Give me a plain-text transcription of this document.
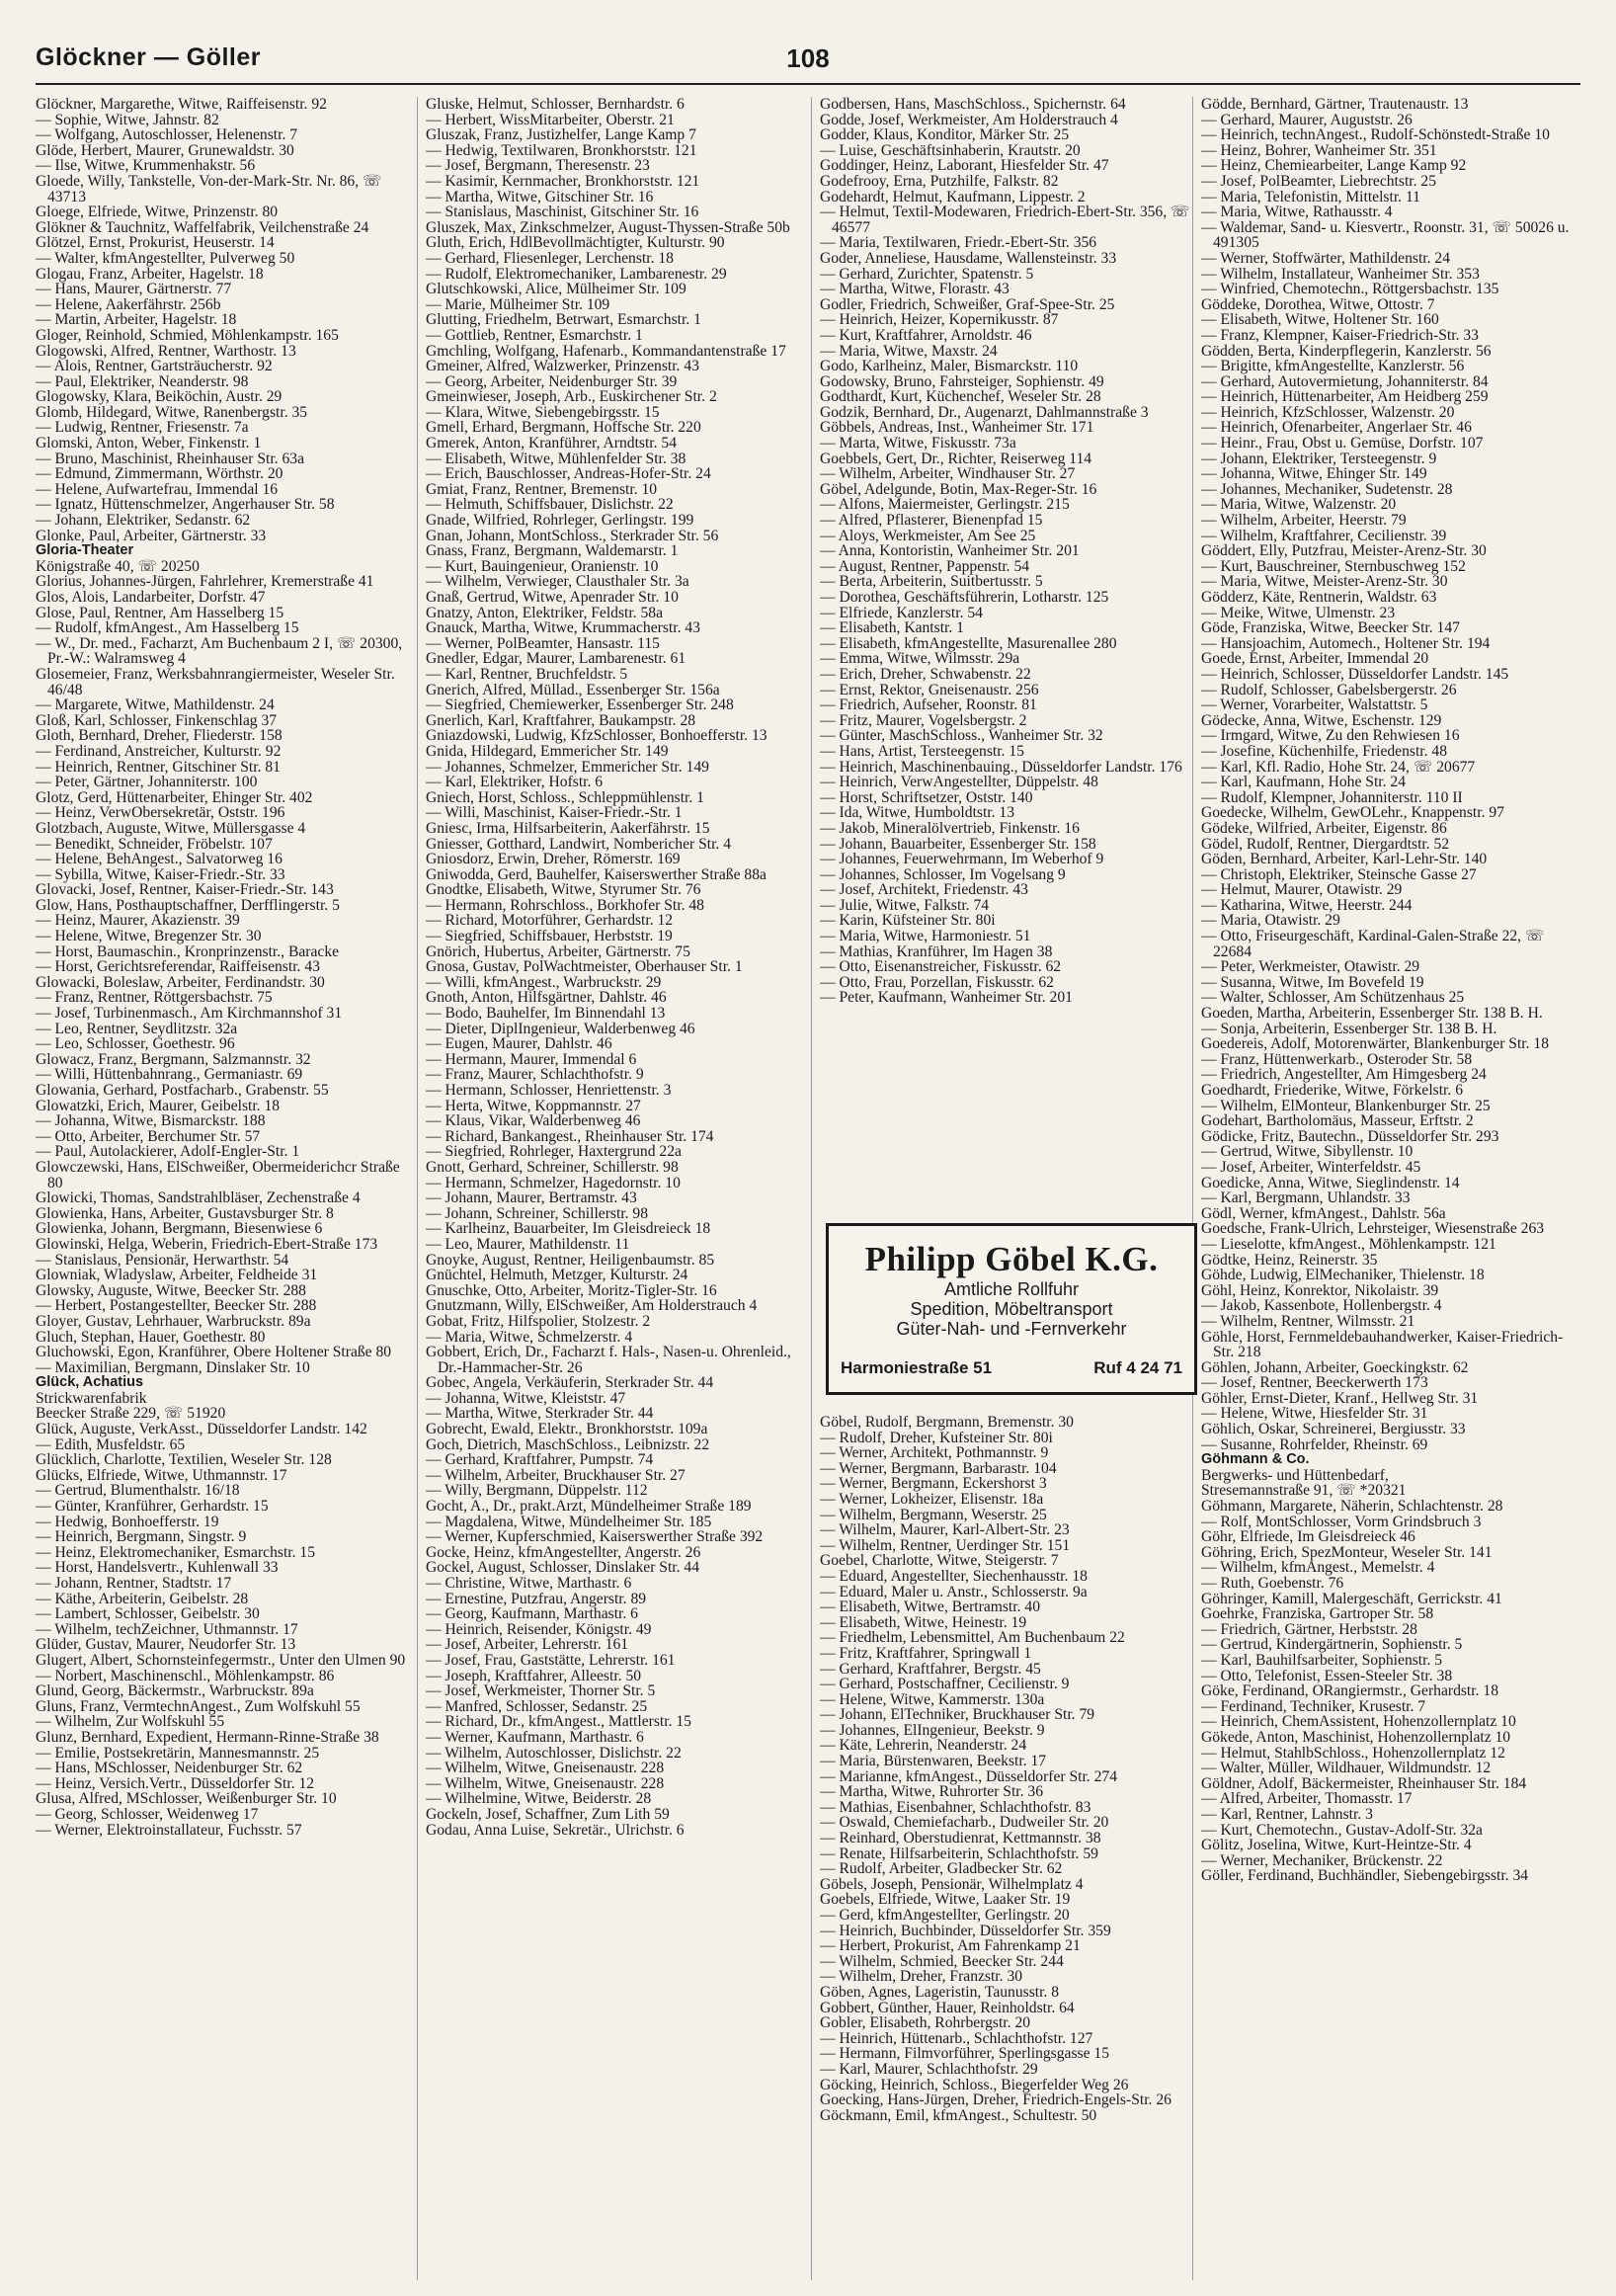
Glöckner — Göller	108
Glöckner, Margarethe, Witwe, Raiffeisenstr. 92
— Sophie, Witwe, Jahnstr. 82
— Wolfgang, Autoschlosser, Helenenstr. 7
Glöde, Herbert, Maurer, Grunewaldstr. 30
— Ilse, Witwe, Krummenhakstr. 56
Gloede, Willy, Tankstelle, Von-der-Mark-Str. Nr. 86, ☏ 43713
Gloege, Elfriede, Witwe, Prinzenstr. 80
Glökner & Tauchnitz, Waffelfabrik, Veilchenstraße 24
Glötzel, Ernst, Prokurist, Heuserstr. 14
— Walter, kfmAngestellter, Pulverweg 50
Glogau, Franz, Arbeiter, Hagelstr. 18
— Hans, Maurer, Gärtnerstr. 77
— Helene, Aakerfährstr. 256b
— Martin, Arbeiter, Hagelstr. 18
Gloger, Reinhold, Schmied, Möhlenkampstr. 165
Glogowski, Alfred, Rentner, Warthostr. 13
— Alois, Rentner, Gartsträucherstr. 92
— Paul, Elektriker, Neanderstr. 98
Glogowsky, Klara, Beiköchin, Austr. 29
Glomb, Hildegard, Witwe, Ranenbergstr. 35
— Ludwig, Rentner, Friesenstr. 7a
Glomski, Anton, Weber, Finkenstr. 1
— Bruno, Maschinist, Rheinhauser Str. 63a
— Edmund, Zimmermann, Wörthstr. 20
— Helene, Aufwartefrau, Immendal 16
— Ignatz, Hüttenschmelzer, Angerhauser Str. 58
— Johann, Elektriker, Sedanstr. 62
Glonke, Paul, Arbeiter, Gärtnerstr. 33
Gloria-Theater
Königstraße 40, ☏ 20250
Glorius, Johannes-Jürgen, Fahrlehrer, Kremerstraße 41
Glos, Alois, Landarbeiter, Dorfstr. 47
Glose, Paul, Rentner, Am Hasselberg 15
— Rudolf, kfmAngest., Am Hasselberg 15
— W., Dr. med., Facharzt, Am Buchenbaum 2 I, ☏ 20300, Pr.-W.: Walramsweg 4
Glosemeier, Franz, Werksbahnrangiermeister, Weseler Str. 46/48
— Margarete, Witwe, Mathildenstr. 24
Gloß, Karl, Schlosser, Finkenschlag 37
Gloth, Bernhard, Dreher, Fliederstr. 158
— Ferdinand, Anstreicher, Kulturstr. 92
— Heinrich, Rentner, Gitschiner Str. 81
— Peter, Gärtner, Johanniterstr. 100
Glotz, Gerd, Hüttenarbeiter, Ehinger Str. 402
— Heinz, VerwObersekretär, Oststr. 196
Glotzbach, Auguste, Witwe, Müllersgasse 4
— Benedikt, Schneider, Fröbelstr. 107
— Helene, BehAngest., Salvatorweg 16
— Sybilla, Witwe, Kaiser-Friedr.-Str. 33
Glovacki, Josef, Rentner, Kaiser-Friedr.-Str. 143
Glow, Hans, Posthauptschaffner, Derfflingerstr. 5
— Heinz, Maurer, Akazienstr. 39
— Helene, Witwe, Bregenzer Str. 30
— Horst, Baumaschin., Kronprinzenstr., Baracke
— Horst, Gerichtsreferendar, Raiffeisenstr. 43
Glowacki, Boleslaw, Arbeiter, Ferdinandstr. 30
— Franz, Rentner, Röttgersbachstr. 75
— Josef, Turbinenmasch., Am Kirchmannshof 31
— Leo, Rentner, Seydlitzstr. 32a
— Leo, Schlosser, Goethestr. 96
Glowacz, Franz, Bergmann, Salzmannstr. 32
— Willi, Hüttenbahnrang., Germaniastr. 69
Glowania, Gerhard, Postfacharb., Grabenstr. 55
Glowatzki, Erich, Maurer, Geibelstr. 18
— Johanna, Witwe, Bismarckstr. 188
— Otto, Arbeiter, Berchumer Str. 57
— Paul, Autolackierer, Adolf-Engler-Str. 1
Glowczewski, Hans, ElSchweißer, Obermeiderichcr Straße 80
Glowicki, Thomas, Sandstrahlbläser, Zechenstraße 4
Glowienka, Hans, Arbeiter, Gustavsburger Str. 8
Glowienka, Johann, Bergmann, Biesenwiese 6
Glowinski, Helga, Weberin, Friedrich-Ebert-Straße 173
— Stanislaus, Pensionär, Herwarthstr. 54
Glowniak, Wladyslaw, Arbeiter, Feldheide 31
Glowsky, Auguste, Witwe, Beecker Str. 288
— Herbert, Postangestellter, Beecker Str. 288
Gloyer, Gustav, Lehrhauer, Warbruckstr. 89a
Gluch, Stephan, Hauer, Goethestr. 80
Gluchowski, Egon, Kranführer, Obere Holtener Straße 80
— Maximilian, Bergmann, Dinslaker Str. 10
Glück, Achatius
Strickwarenfabrik
Beecker Straße 229, ☏ 51920
Glück, Auguste, VerkAsst., Düsseldorfer Landstr. 142
— Edith, Musfeldstr. 65
Glücklich, Charlotte, Textilien, Weseler Str. 128
Glücks, Elfriede, Witwe, Uthmannstr. 17
— Gertrud, Blumenthalstr. 16/18
— Günter, Kranführer, Gerhardstr. 15
— Hedwig, Bonhoefferstr. 19
— Heinrich, Bergmann, Singstr. 9
— Heinz, Elektromechaniker, Esmarchstr. 15
— Horst, Handelsvertr., Kuhlenwall 33
— Johann, Rentner, Stadtstr. 17
— Käthe, Arbeiterin, Geibelstr. 28
— Lambert, Schlosser, Geibelstr. 30
— Wilhelm, techZeichner, Uthmannstr. 17
Glüder, Gustav, Maurer, Neudorfer Str. 13
Glugert, Albert, Schornsteinfegermstr., Unter den Ulmen 90
— Norbert, Maschinenschl., Möhlenkampstr. 86
Glund, Georg, Bäckermstr., Warbruckstr. 89a
Gluns, Franz, VermtechnAngest., Zum Wolfskuhl 55
— Wilhelm, Zur Wolfskuhl 55
Glunz, Bernhard, Expedient, Hermann-Rinne-Straße 38
— Emilie, Postsekretärin, Mannesmannstr. 25
— Hans, MSchlosser, Neidenburger Str. 62
— Heinz, Versich.Vertr., Düsseldorfer Str. 12
Glusa, Alfred, MSchlosser, Weißenburger Str. 10
— Georg, Schlosser, Weidenweg 17
— Werner, Elektroinstallateur, Fuchsstr. 57
Gluske, Helmut, Schlosser, Bernhardstr. 6
— Herbert, WissMitarbeiter, Oberstr. 21
Gluszak, Franz, Justizhelfer, Lange Kamp 7
— Hedwig, Textilwaren, Bronkhorststr. 121
— Josef, Bergmann, Theresenstr. 23
— Kasimir, Kernmacher, Bronkhorststr. 121
— Martha, Witwe, Gitschiner Str. 16
— Stanislaus, Maschinist, Gitschiner Str. 16
Gluszek, Max, Zinkschmelzer, August-Thyssen-Straße 50b
Gluth, Erich, HdlBevollmächtigter, Kulturstr. 90
— Gerhard, Fliesenleger, Lerchenstr. 18
— Rudolf, Elektromechaniker, Lambarenestr. 29
Glutschkowski, Alice, Mülheimer Str. 109
— Marie, Mülheimer Str. 109
Glutting, Friedhelm, Betrwart, Esmarchstr. 1
— Gottlieb, Rentner, Esmarchstr. 1
Gmchling, Wolfgang, Hafenarb., Kommandantenstraße 17
Gmeiner, Alfred, Walzwerker, Prinzenstr. 43
— Georg, Arbeiter, Neidenburger Str. 39
Gmeinwieser, Joseph, Arb., Euskirchener Str. 2
— Klara, Witwe, Siebengebirgsstr. 15
Gmell, Erhard, Bergmann, Hoffsche Str. 220
Gmerek, Anton, Kranführer, Arndtstr. 54
— Elisabeth, Witwe, Mühlenfelder Str. 38
— Erich, Bauschlosser, Andreas-Hofer-Str. 24
Gmiat, Franz, Rentner, Bremenstr. 10
— Helmuth, Schiffsbauer, Dislichstr. 22
Gnade, Wilfried, Rohrleger, Gerlingstr. 199
Gnan, Johann, MontSchloss., Sterkrader Str. 56
Gnass, Franz, Bergmann, Waldemarstr. 1
— Kurt, Bauingenieur, Oranienstr. 10
— Wilhelm, Verwieger, Clausthaler Str. 3a
Gnaß, Gertrud, Witwe, Apenrader Str. 10
Gnatzy, Anton, Elektriker, Feldstr. 58a
Gnauck, Martha, Witwe, Krummacherstr. 43
— Werner, PolBeamter, Hansastr. 115
Gnedler, Edgar, Maurer, Lambarenestr. 61
— Karl, Rentner, Bruchfeldstr. 5
Gnerich, Alfred, Müllad., Essenberger Str. 156a
— Siegfried, Chemiewerker, Essenberger Str. 248
Gnerlich, Karl, Kraftfahrer, Baukampstr. 28
Gniazdowski, Ludwig, KfzSchlosser, Bonhoefferstr. 13
Gnida, Hildegard, Emmericher Str. 149
— Johannes, Schmelzer, Emmericher Str. 149
— Karl, Elektriker, Hofstr. 6
Gniech, Horst, Schloss., Schleppmühlenstr. 1
— Willi, Maschinist, Kaiser-Friedr.-Str. 1
Gniesc, Irma, Hilfsarbeiterin, Aakerfährstr. 15
Gniesser, Gotthard, Landwirt, Nombericher Str. 4
Gniosdorz, Erwin, Dreher, Römerstr. 169
Gniwodda, Gerd, Bauhelfer, Kaiserswerther Straße 88a
Gnodtke, Elisabeth, Witwe, Styrumer Str. 76
— Hermann, Rohrschloss., Borkhofer Str. 48
— Richard, Motorführer, Gerhardstr. 12
— Siegfried, Schiffsbauer, Herbststr. 19
Gnörich, Hubertus, Arbeiter, Gärtnerstr. 75
Gnosa, Gustav, PolWachtmeister, Oberhauser Str. 1
— Willi, kfmAngest., Warbruckstr. 29
Gnoth, Anton, Hilfsgärtner, Dahlstr. 46
— Bodo, Bauhelfer, Im Binnendahl 13
— Dieter, DiplIngenieur, Walderbenweg 46
— Eugen, Maurer, Dahlstr. 46
— Hermann, Maurer, Immendal 6
— Franz, Maurer, Schlachthofstr. 9
— Hermann, Schlosser, Henriettenstr. 3
— Herta, Witwe, Koppmannstr. 27
— Klaus, Vikar, Walderbenweg 46
— Richard, Bankangest., Rheinhauser Str. 174
— Siegfried, Rohrleger, Haxtergrund 22a
Gnott, Gerhard, Schreiner, Schillerstr. 98
— Hermann, Schmelzer, Hagedornstr. 10
— Johann, Maurer, Bertramstr. 43
— Johann, Schreiner, Schillerstr. 98
— Karlheinz, Bauarbeiter, Im Gleisdreieck 18
— Leo, Maurer, Mathildenstr. 11
Gnoyke, August, Rentner, Heiligenbaumstr. 85
Gnüchtel, Helmuth, Metzger, Kulturstr. 24
Gnuschke, Otto, Arbeiter, Moritz-Tigler-Str. 16
Gnutzmann, Willy, ElSchweißer, Am Holderstrauch 4
Gobat, Fritz, Hilfspolier, Stolzestr. 2
— Maria, Witwe, Schmelzerstr. 4
Gobbert, Erich, Dr., Facharzt f. Hals-, Nasen-u. Ohrenleid., Dr.-Hammacher-Str. 26
Gobec, Angela, Verkäuferin, Sterkrader Str. 44
— Johanna, Witwe, Kleiststr. 47
— Martha, Witwe, Sterkrader Str. 44
Gobrecht, Ewald, Elektr., Bronkhorststr. 109a
Goch, Dietrich, MaschSchloss., Leibnizstr. 22
— Gerhard, Kraftfahrer, Pumpstr. 74
— Wilhelm, Arbeiter, Bruckhauser Str. 27
— Willy, Bergmann, Düppelstr. 112
Gocht, A., Dr., prakt.Arzt, Mündelheimer Straße 189
— Magdalena, Witwe, Mündelheimer Str. 185
— Werner, Kupferschmied, Kaiserswerther Straße 392
Gocke, Heinz, kfmAngestellter, Angerstr. 26
Gockel, August, Schlosser, Dinslaker Str. 44
— Christine, Witwe, Marthastr. 6
— Ernestine, Putzfrau, Angerstr. 89
— Georg, Kaufmann, Marthastr. 6
— Heinrich, Reisender, Königstr. 49
— Josef, Arbeiter, Lehrerstr. 161
— Josef, Frau, Gaststätte, Lehrerstr. 161
— Joseph, Kraftfahrer, Alleestr. 50
— Josef, Werkmeister, Thorner Str. 5
— Manfred, Schlosser, Sedanstr. 25
— Richard, Dr., kfmAngest., Mattlerstr. 15
— Werner, Kaufmann, Marthastr. 6
— Wilhelm, Autoschlosser, Dislichstr. 22
— Wilhelm, Witwe, Gneisenaustr. 228
— Wilhelm, Witwe, Gneisenaustr. 228
— Wilhelmine, Witwe, Beiderstr. 28
Gockeln, Josef, Schaffner, Zum Lith 59
Godau, Anna Luise, Sekretär., Ulrichstr. 6
Godbersen, Hans, MaschSchloss., Spichernstr. 64
Godde, Josef, Werkmeister, Am Holderstrauch 4
Godder, Klaus, Konditor, Märker Str. 25
— Luise, Geschäftsinhaberin, Krautstr. 20
Goddinger, Heinz, Laborant, Hiesfelder Str. 47
Godefrooy, Erna, Putzhilfe, Falkstr. 82
Godehardt, Helmut, Kaufmann, Lippestr. 2
— Helmut, Textil-Modewaren, Friedrich-Ebert-Str. 356, ☏ 46577
— Maria, Textilwaren, Friedr.-Ebert-Str. 356
Goder, Anneliese, Hausdame, Wallensteinstr. 33
— Gerhard, Zurichter, Spatenstr. 5
— Martha, Witwe, Florastr. 43
Godler, Friedrich, Schweißer, Graf-Spee-Str. 25
— Heinrich, Heizer, Kopernikusstr. 87
— Kurt, Kraftfahrer, Arnoldstr. 46
— Maria, Witwe, Maxstr. 24
Godo, Karlheinz, Maler, Bismarckstr. 110
Godowsky, Bruno, Fahrsteiger, Sophienstr. 49
Godthardt, Kurt, Küchenchef, Weseler Str. 28
Godzik, Bernhard, Dr., Augenarzt, Dahlmannstraße 3
Göbbels, Andreas, Inst., Wanheimer Str. 171
— Marta, Witwe, Fiskusstr. 73a
Goebbels, Gert, Dr., Richter, Reiserweg 114
— Wilhelm, Arbeiter, Windhauser Str. 27
Göbel, Adelgunde, Botin, Max-Reger-Str. 16
— Alfons, Maiermeister, Gerlingstr. 215
— Alfred, Pflasterer, Bienenpfad 15
— Aloys, Werkmeister, Am See 25
— Anna, Kontoristin, Wanheimer Str. 201
— August, Rentner, Pappenstr. 54
— Berta, Arbeiterin, Suitbertusstr. 5
— Dorothea, Geschäftsführerin, Lotharstr. 125
— Elfriede, Kanzlerstr. 54
— Elisabeth, Kantstr. 1
— Elisabeth, kfmAngestellte, Masurenallee 280
— Emma, Witwe, Wilmsstr. 29a
— Erich, Dreher, Schwabenstr. 22
— Ernst, Rektor, Gneisenaustr. 256
— Friedrich, Aufseher, Roonstr. 81
— Fritz, Maurer, Vogelsbergstr. 2
— Günter, MaschSchloss., Wanheimer Str. 32
— Hans, Artist, Tersteegenstr. 15
— Heinrich, Maschinenbauing., Düsseldorfer Landstr. 176
— Heinrich, VerwAngestellter, Düppelstr. 48
— Horst, Schriftsetzer, Oststr. 140
— Ida, Witwe, Humboldtstr. 13
— Jakob, Mineralölvertrieb, Finkenstr. 16
— Johann, Bauarbeiter, Essenberger Str. 158
— Johannes, Feuerwehrmann, Im Weberhof 9
— Johannes, Schlosser, Im Vogelsang 9
— Josef, Architekt, Friedenstr. 43
— Julie, Witwe, Falkstr. 74
— Karin, Küfsteiner Str. 80i
— Maria, Witwe, Harmoniestr. 51
— Mathias, Kranführer, Im Hagen 38
— Otto, Eisenanstreicher, Fiskusstr. 62
— Otto, Frau, Porzellan, Fiskusstr. 62
— Peter, Kaufmann, Wanheimer Str. 201
Gödde, Bernhard, Gärtner, Trautenaustr. 13
— Gerhard, Maurer, Auguststr. 26
— Heinrich, technAngest., Rudolf-Schönstedt-Straße 10
— Heinz, Bohrer, Wanheimer Str. 351
— Heinz, Chemiearbeiter, Lange Kamp 92
— Josef, PolBeamter, Liebrechtstr. 25
— Maria, Telefonistin, Mittelstr. 11
— Maria, Witwe, Rathausstr. 4
— Waldemar, Sand- u. Kiesvertr., Roonstr. 31, ☏ 50026 u. 491305
— Werner, Stoffwärter, Mathildenstr. 24
— Wilhelm, Installateur, Wanheimer Str. 353
— Winfried, Chemotechn., Röttgersbachstr. 135
Göddeke, Dorothea, Witwe, Ottostr. 7
— Elisabeth, Witwe, Holtener Str. 160
— Franz, Klempner, Kaiser-Friedrich-Str. 33
Gödden, Berta, Kinderpflegerin, Kanzlerstr. 56
— Brigitte, kfmAngestellte, Kanzlerstr. 56
— Gerhard, Autovermietung, Johanniterstr. 84
— Heinrich, Hüttenarbeiter, Am Heidberg 259
— Heinrich, KfzSchlosser, Walzenstr. 20
— Heinrich, Ofenarbeiter, Angerlaer Str. 46
— Heinr., Frau, Obst u. Gemüse, Dorfstr. 107
— Johann, Elektriker, Tersteegenstr. 9
— Johanna, Witwe, Ehinger Str. 149
— Johannes, Mechaniker, Sudetenstr. 28
— Maria, Witwe, Walzenstr. 20
— Wilhelm, Arbeiter, Heerstr. 79
— Wilhelm, Kraftfahrer, Cecilienstr. 39
Göddert, Elly, Putzfrau, Meister-Arenz-Str. 30
— Kurt, Bauschreiner, Sternbuschweg 152
— Maria, Witwe, Meister-Arenz-Str. 30
Gödderz, Käte, Rentnerin, Waldstr. 63
— Meike, Witwe, Ulmenstr. 23
Göde, Franziska, Witwe, Beecker Str. 147
— Hansjoachim, Automech., Holtener Str. 194
Goede, Ernst, Arbeiter, Immendal 20
— Heinrich, Schlosser, Düsseldorfer Landstr. 145
— Rudolf, Schlosser, Gabelsbergerstr. 26
— Werner, Vorarbeiter, Walstattstr. 5
Gödecke, Anna, Witwe, Eschenstr. 129
— Irmgard, Witwe, Zu den Rehwiesen 16
— Josefine, Küchenhilfe, Friedenstr. 48
— Karl, Kfl. Radio, Hohe Str. 24, ☏ 20677
— Karl, Kaufmann, Hohe Str. 24
— Rudolf, Klempner, Johanniterstr. 110 II
Goedecke, Wilhelm, GewOLehr., Knappenstr. 97
Gödeke, Wilfried, Arbeiter, Eigenstr. 86
Gödel, Rudolf, Rentner, Diergardtstr. 52
Göden, Bernhard, Arbeiter, Karl-Lehr-Str. 140
— Christoph, Elektriker, Steinsche Gasse 27
— Helmut, Maurer, Otawistr. 29
— Katharina, Witwe, Heerstr. 244
— Maria, Otawistr. 29
— Otto, Friseurgeschäft, Kardinal-Galen-Straße 22, ☏ 22684
— Peter, Werkmeister, Otawistr. 29
— Susanna, Witwe, Im Bovefeld 19
— Walter, Schlosser, Am Schützenhaus 25
Goeden, Martha, Arbeiterin, Essenberger Str. 138 B. H.
— Sonja, Arbeiterin, Essenberger Str. 138 B. H.
Goedereis, Adolf, Motorenwärter, Blankenburger Str. 18
— Franz, Hüttenwerkarb., Osteroder Str. 58
— Friedrich, Angestellter, Am Himgesberg 24
Goedhardt, Friederike, Witwe, Förkelstr. 6
— Wilhelm, ElMonteur, Blankenburger Str. 25
Godehart, Bartholomäus, Masseur, Erftstr. 2
Gödicke, Fritz, Bautechn., Düsseldorfer Str. 293
— Gertrud, Witwe, Sibyllenstr. 10
— Josef, Arbeiter, Winterfeldstr. 45
Goedicke, Anna, Witwe, Sieglindenstr. 14
— Karl, Bergmann, Uhlandstr. 33
Gödl, Werner, kfmAngest., Dahlstr. 56a
Goedsche, Frank-Ulrich, Lehrsteiger, Wiesenstraße 263
— Lieselotte, kfmAngest., Möhlenkampstr. 121
Gödtke, Heinz, Reinerstr. 35
Göhde, Ludwig, ElMechaniker, Thielenstr. 18
Göhl, Heinz, Konrektor, Nikolaistr. 39
— Jakob, Kassenbote, Hollenbergstr. 4
— Wilhelm, Rentner, Wilmsstr. 21
Göhle, Horst, Fernmeldebauhandwerker, Kaiser-Friedrich-Str. 218
Göhlen, Johann, Arbeiter, Goeckingkstr. 62
— Josef, Rentner, Beeckerwerth 173
Göhler, Ernst-Dieter, Kranf., Hellweg Str. 31
— Helene, Witwe, Hiesfelder Str. 31
Göhlich, Oskar, Schreinerei, Bergiusstr. 33
— Susanne, Rohrfelder, Rheinstr. 69
Göhmann & Co.
Bergwerks- und Hüttenbedarf,
Stresemannstraße 91, ☏ *20321
Göhmann, Margarete, Näherin, Schlachtenstr. 28
— Rolf, MontSchlosser, Vorm Grindsbruch 3
Göhr, Elfriede, Im Gleisdreieck 46
Göhring, Erich, SpezMonteur, Weseler Str. 141
— Wilhelm, kfmAngest., Memelstr. 4
— Ruth, Goebenstr. 76
Göhringer, Kamill, Malergeschäft, Gerrickstr. 41
Goehrke, Franziska, Gartroper Str. 58
— Friedrich, Gärtner, Herbststr. 28
— Gertrud, Kindergärtnerin, Sophienstr. 5
— Karl, Bauhilfsarbeiter, Sophienstr. 5
— Otto, Telefonist, Essen-Steeler Str. 38
Göke, Ferdinand, ORangiermstr., Gerhardstr. 18
— Ferdinand, Techniker, Krusestr. 7
— Heinrich, ChemAssistent, Hohenzollernplatz 10
Gökede, Anton, Maschinist, Hohenzollernplatz 10
— Helmut, StahlbSchloss., Hohenzollernplatz 12
— Walter, Müller, Wildhauer, Wildmundstr. 12
Göldner, Adolf, Bäckermeister, Rheinhauser Str. 184
— Alfred, Arbeiter, Thomasstr. 17
— Karl, Rentner, Lahnstr. 3
— Kurt, Chemotechn., Gustav-Adolf-Str. 32a
Gölitz, Joselina, Witwe, Kurt-Heintze-Str. 4
— Werner, Mechaniker, Brückenstr. 22
Göller, Ferdinand, Buchhändler, Siebengebirgsstr. 34
Göbel, Rudolf, Bergmann, Bremenstr. 30
— Rudolf, Dreher, Kufsteiner Str. 80i
— Werner, Architekt, Pothmannstr. 9
— Werner, Bergmann, Barbarastr. 104
— Werner, Bergmann, Eckershorst 3
— Werner, Lokheizer, Elisenstr. 18a
— Wilhelm, Bergmann, Weserstr. 25
— Wilhelm, Maurer, Karl-Albert-Str. 23
— Wilhelm, Rentner, Uerdinger Str. 151
Goebel, Charlotte, Witwe, Steigerstr. 7
— Eduard, Angestellter, Siechenhausstr. 18
— Eduard, Maler u. Anstr., Schlosserstr. 9a
— Elisabeth, Witwe, Bertramstr. 40
— Elisabeth, Witwe, Heinestr. 19
— Friedhelm, Lebensmittel, Am Buchenbaum 22
— Fritz, Kraftfahrer, Springwall 1
— Gerhard, Kraftfahrer, Bergstr. 45
— Gerhard, Postschaffner, Cecilienstr. 9
— Helene, Witwe, Kammerstr. 130a
— Johann, ElTechniker, Bruckhauser Str. 79
— Johannes, ElIngenieur, Beekstr. 9
— Käte, Lehrerin, Neanderstr. 24
— Maria, Bürstenwaren, Beekstr. 17
— Marianne, kfmAngest., Düsseldorfer Str. 274
— Martha, Witwe, Ruhrorter Str. 36
— Mathias, Eisenbahner, Schlachthofstr. 83
— Oswald, Chemiefacharb., Dudweiler Str. 20
— Reinhard, Oberstudienrat, Kettmannstr. 38
— Renate, Hilfsarbeiterin, Schlachthofstr. 59
— Rudolf, Arbeiter, Gladbecker Str. 62
Göbels, Joseph, Pensionär, Wilhelmplatz 4
Goebels, Elfriede, Witwe, Laaker Str. 19
— Gerd, kfmAngestellter, Gerlingstr. 20
— Heinrich, Buchbinder, Düsseldorfer Str. 359
— Herbert, Prokurist, Am Fahrenkamp 21
— Wilhelm, Schmied, Beecker Str. 244
— Wilhelm, Dreher, Franzstr. 30
Göben, Agnes, Lageristin, Taunusstr. 8
Gobbert, Günther, Hauer, Reinholdstr. 64
Gobler, Elisabeth, Rohrbergstr. 20
— Heinrich, Hüttenarb., Schlachthofstr. 127
— Hermann, Filmvorführer, Sperlingsgasse 15
— Karl, Maurer, Schlachthofstr. 29
Göcking, Heinrich, Schloss., Biegerfelder Weg 26
Goecking, Hans-Jürgen, Dreher, Friedrich-Engels-Str. 26
Göckmann, Emil, kfmAngest., Schultestr. 50
Philipp Göbel K.G.
Amtliche Rollfuhr
Spedition, Möbeltransport
Güter-Nah- und -Fernverkehr
Harmoniestraße 51	Ruf 4 24 71
